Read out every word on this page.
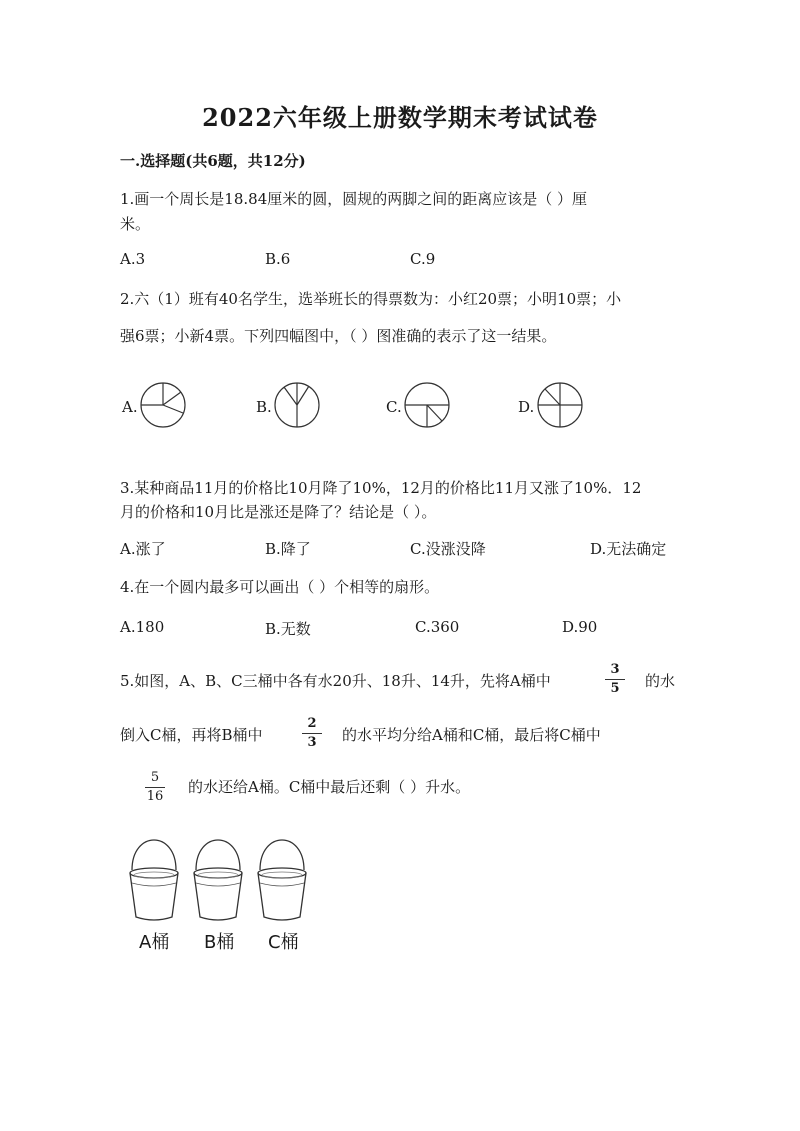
2022六年级上册数学期末考试试卷
一.选择题(共6题，共12分)
1.画一个周长是18.84厘米的圆，圆规的两脚之间的距离应该是（ ）厘
米。
A.3	B.6	C.9
2.六（1）班有40名学生，选举班长的得票数为：小红20票；小明10票；小
强6票；小新4票。下列四幅图中，（ ）图准确的表示了这一结果。
A.	B.	C.	D.
3.某种商品11月的价格比10月降了10%，12月的价格比11月又涨了10%．12
月的价格和10月比是涨还是降了？结论是（ ）。
A.涨了	B.降了	C.没涨没降	D.无法确定
4.在一个圆内最多可以画出（ ）个相等的扇形。
A.180	B.无数	C.360	D.90
5.如图，A、B、C三桶中各有水20升、18升、14升，先将A桶中
3
5	的水
倒入C桶，再将B桶中
2
3	的水平均分给A桶和C桶，最后将C桶中
5
16
的水还给A桶。C桶中最后还剩（ ）升水。
A桶 B桶 C桶
